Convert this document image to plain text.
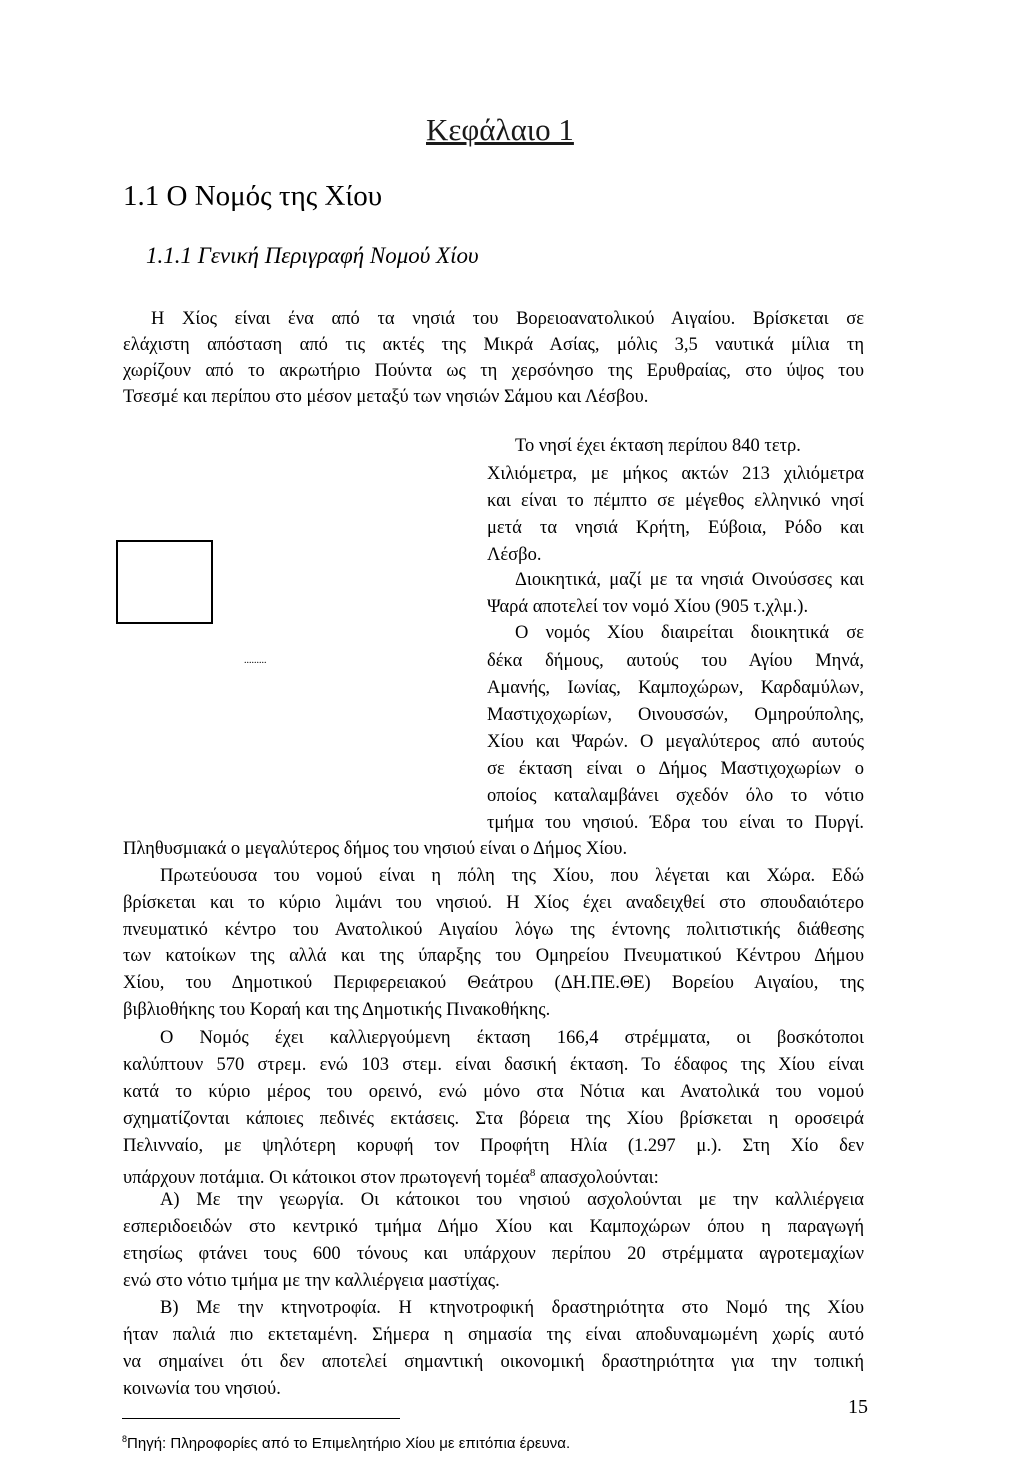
Κεφάλαιο 1
1.1 Ο Νομός της Χίου
1.1.1 Γενική Περιγραφή Νομού Χίου
Η Χίος είναι ένα από τα νησιά του Βορειοανατολικού Αιγαίου. Βρίσκεται σε
ελάχιστη απόσταση από τις ακτές της Μικρά Ασίας, μόλις 3,5 ναυτικά μίλια τη
χωρίζουν από το ακρωτήριο Πούντα ως τη χερσόνησο της Ερυθραίας, στο ύψος του
Τσεσμέ και περίπου στο μέσον μεταξύ των νησιών Σάμου και Λέσβου.
Το νησί έχει έκταση περίπου 840 τετρ.
Χιλιόμετρα, με μήκος ακτών 213 χιλιόμετρα
και είναι το πέμπτο σε μέγεθος ελληνικό νησί
μετά τα νησιά Κρήτη, Εύβοια, Ρόδο και
Λέσβο.
Διοικητικά, μαζί με τα νησιά Οινούσσες και
Ψαρά αποτελεί τον νομό Χίου (905 τ.χλμ.).
Ο νομός Χίου διαιρείται διοικητικά σε
δέκα δήμους, αυτούς του Αγίου Μηνά,
Αμανής, Ιωνίας, Καμποχώρων, Καρδαμύλων,
Μαστιχοχωρίων, Οινουσσών, Ομηρούπολης,
Χίου και Ψαρών. Ο μεγαλύτερος από αυτούς
σε έκταση είναι ο Δήμος Μαστιχοχωρίων ο
οποίος καταλαμβάνει σχεδόν όλο το νότιο
τμήμα του νησιού. Έδρα του είναι το Πυργί.
.........
Πληθυσμιακά ο μεγαλύτερος δήμος του νησιού είναι ο Δήμος Χίου.
Πρωτεύουσα του νομού είναι η πόλη της Χίου, που λέγεται και Χώρα. Εδώ
βρίσκεται και το κύριο λιμάνι του νησιού. Η Χίος έχει αναδειχθεί στο σπουδαιότερο
πνευματικό κέντρο του Ανατολικού Αιγαίου λόγω της έντονης πολιτιστικής διάθεσης
των κατοίκων της αλλά και της ύπαρξης του Ομηρείου Πνευματικού Κέντρου Δήμου
Χίου, του Δημοτικού Περιφερειακού Θεάτρου (ΔΗ.ΠΕ.ΘΕ) Βορείου Αιγαίου, της
βιβλιοθήκης του Κοραή και της Δημοτικής Πινακοθήκης.
Ο Νομός έχει καλλιεργούμενη έκταση 166,4 στρέμματα, οι βοσκότοποι
καλύπτουν 570 στρεμ. ενώ 103 στεμ. είναι δασική έκταση. Το έδαφος της Χίου είναι
κατά το κύριο μέρος του ορεινό, ενώ μόνο στα Νότια και Ανατολικά του νομού
σχηματίζονται κάποιες πεδινές εκτάσεις. Στα βόρεια της Χίου βρίσκεται η οροσειρά
Πελινναίο, με ψηλότερη κορυφή τον Προφήτη Ηλία (1.297 μ.). Στη Χίο δεν
υπάρχουν ποτάμια. Οι κάτοικοι στον πρωτογενή τομέα$^8$ απασχολούνται:
Α) Με την γεωργία. Οι κάτοικοι του νησιού ασχολούνται με την καλλιέργεια
εσπεριδοειδών στο κεντρικό τμήμα Δήμο Χίου και Καμποχώρων όπου η παραγωγή
ετησίως φτάνει τους 600 τόνους και υπάρχουν περίπου 20 στρέμματα αγροτεμαχίων
ενώ στο νότιο τμήμα με την καλλιέργεια μαστίχας.
Β) Με την κτηνοτροφία. Η κτηνοτροφική δραστηριότητα στο Νομό της Χίου
ήταν παλιά πιο εκτεταμένη. Σήμερα η σημασία της είναι αποδυναμωμένη χωρίς αυτό
να σημαίνει ότι δεν αποτελεί σημαντική οικονομική δραστηριότητα για την τοπική
κοινωνία του νησιού.
$^8$Πηγή: Πληροφορίες από το Επιμελητήριο Χίου με επιτόπια έρευνα.
15
